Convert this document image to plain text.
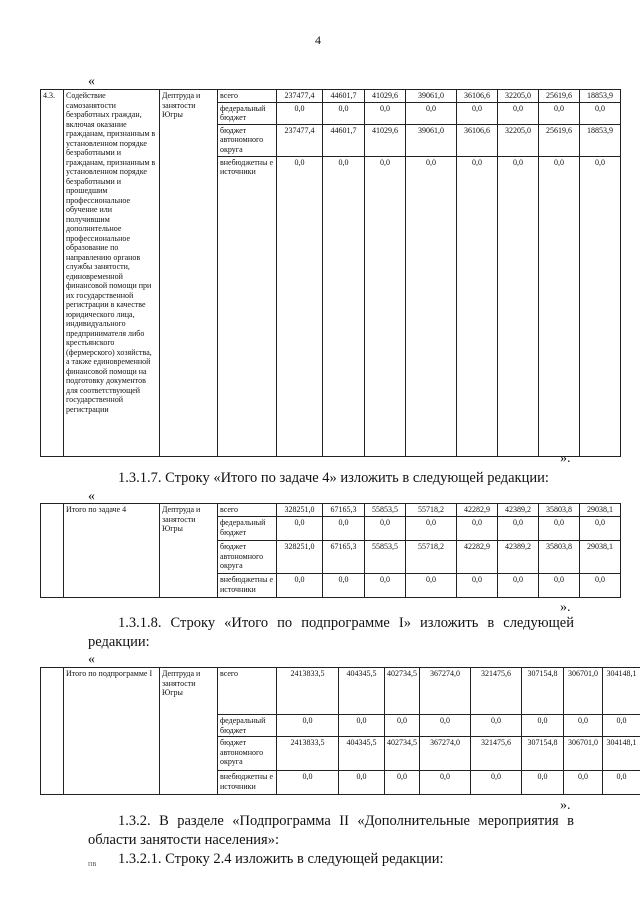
4
«
4.3.	Содействие самозанятости безработных граждан, включая оказание гражданам, признанным в установленном порядке безработными и гражданам, признанным в установленном порядке безработными и прошедшим профессиональное обучение или получившим дополнительное профессиональное образование по направлению органов службы занятости, единовременной финансовой помощи при их государственной регистрации в качестве юридического лица, индивидуального предпринимателя либо крестьянского (фермерского) хозяйства, а также единовременной финансовой помощи на подготовку документов для соответствующей государственной регистрации	Дептруда и занятости Югры	всего	237477,4	44601,7	41029,6	39061,0	36106,6	32205,0	25619,6	18853,9
			федеральный бюджет	0,0	0,0	0,0	0,0	0,0	0,0	0,0	0,0
			бюджет автономного округа	237477,4	44601,7	41029,6	39061,0	36106,6	32205,0	25619,6	18853,9
			внебюджетны е источники	0,0	0,0	0,0	0,0	0,0	0,0	0,0	0,0
».
1.3.1.7. Строку «Итого по задаче 4» изложить в следующей редакции:
«
	Итого по задаче 4	Дептруда и занятости Югры	всего	328251,0	67165,3	55853,5	55718,2	42282,9	42389,2	35803,8	29038,1
			федеральный бюджет	0,0	0,0	0,0	0,0	0,0	0,0	0,0	0,0
			бюджет автономного округа	328251,0	67165,3	55853,5	55718,2	42282,9	42389,2	35803,8	29038,1
			внебюджетны е источники	0,0	0,0	0,0	0,0	0,0	0,0	0,0	0,0
».
1.3.1.8. Строку «Итого по подпрограмме I» изложить в следующей редакции:
«
	Итого по подпрограмме I	Дептруда и занятости Югры	всего	2413833,5	404345,5	402734,5	367274,0	321475,6	307154,8	306701,0	304148,1
			федеральный бюджет	0,0	0,0	0,0	0,0	0,0	0,0	0,0	0,0
			бюджет автономного округа	2413833,5	404345,5	402734,5	367274,0	321475,6	307154,8	306701,0	304148,1
			внебюджетны е источники	0,0	0,0	0,0	0,0	0,0	0,0	0,0	0,0
».
1.3.2. В разделе «Подпрограмма II «Дополнительные мероприятия в области занятости населения»:
1.3.2.1. Строку 2.4 изложить в следующей редакции:
ПВ
